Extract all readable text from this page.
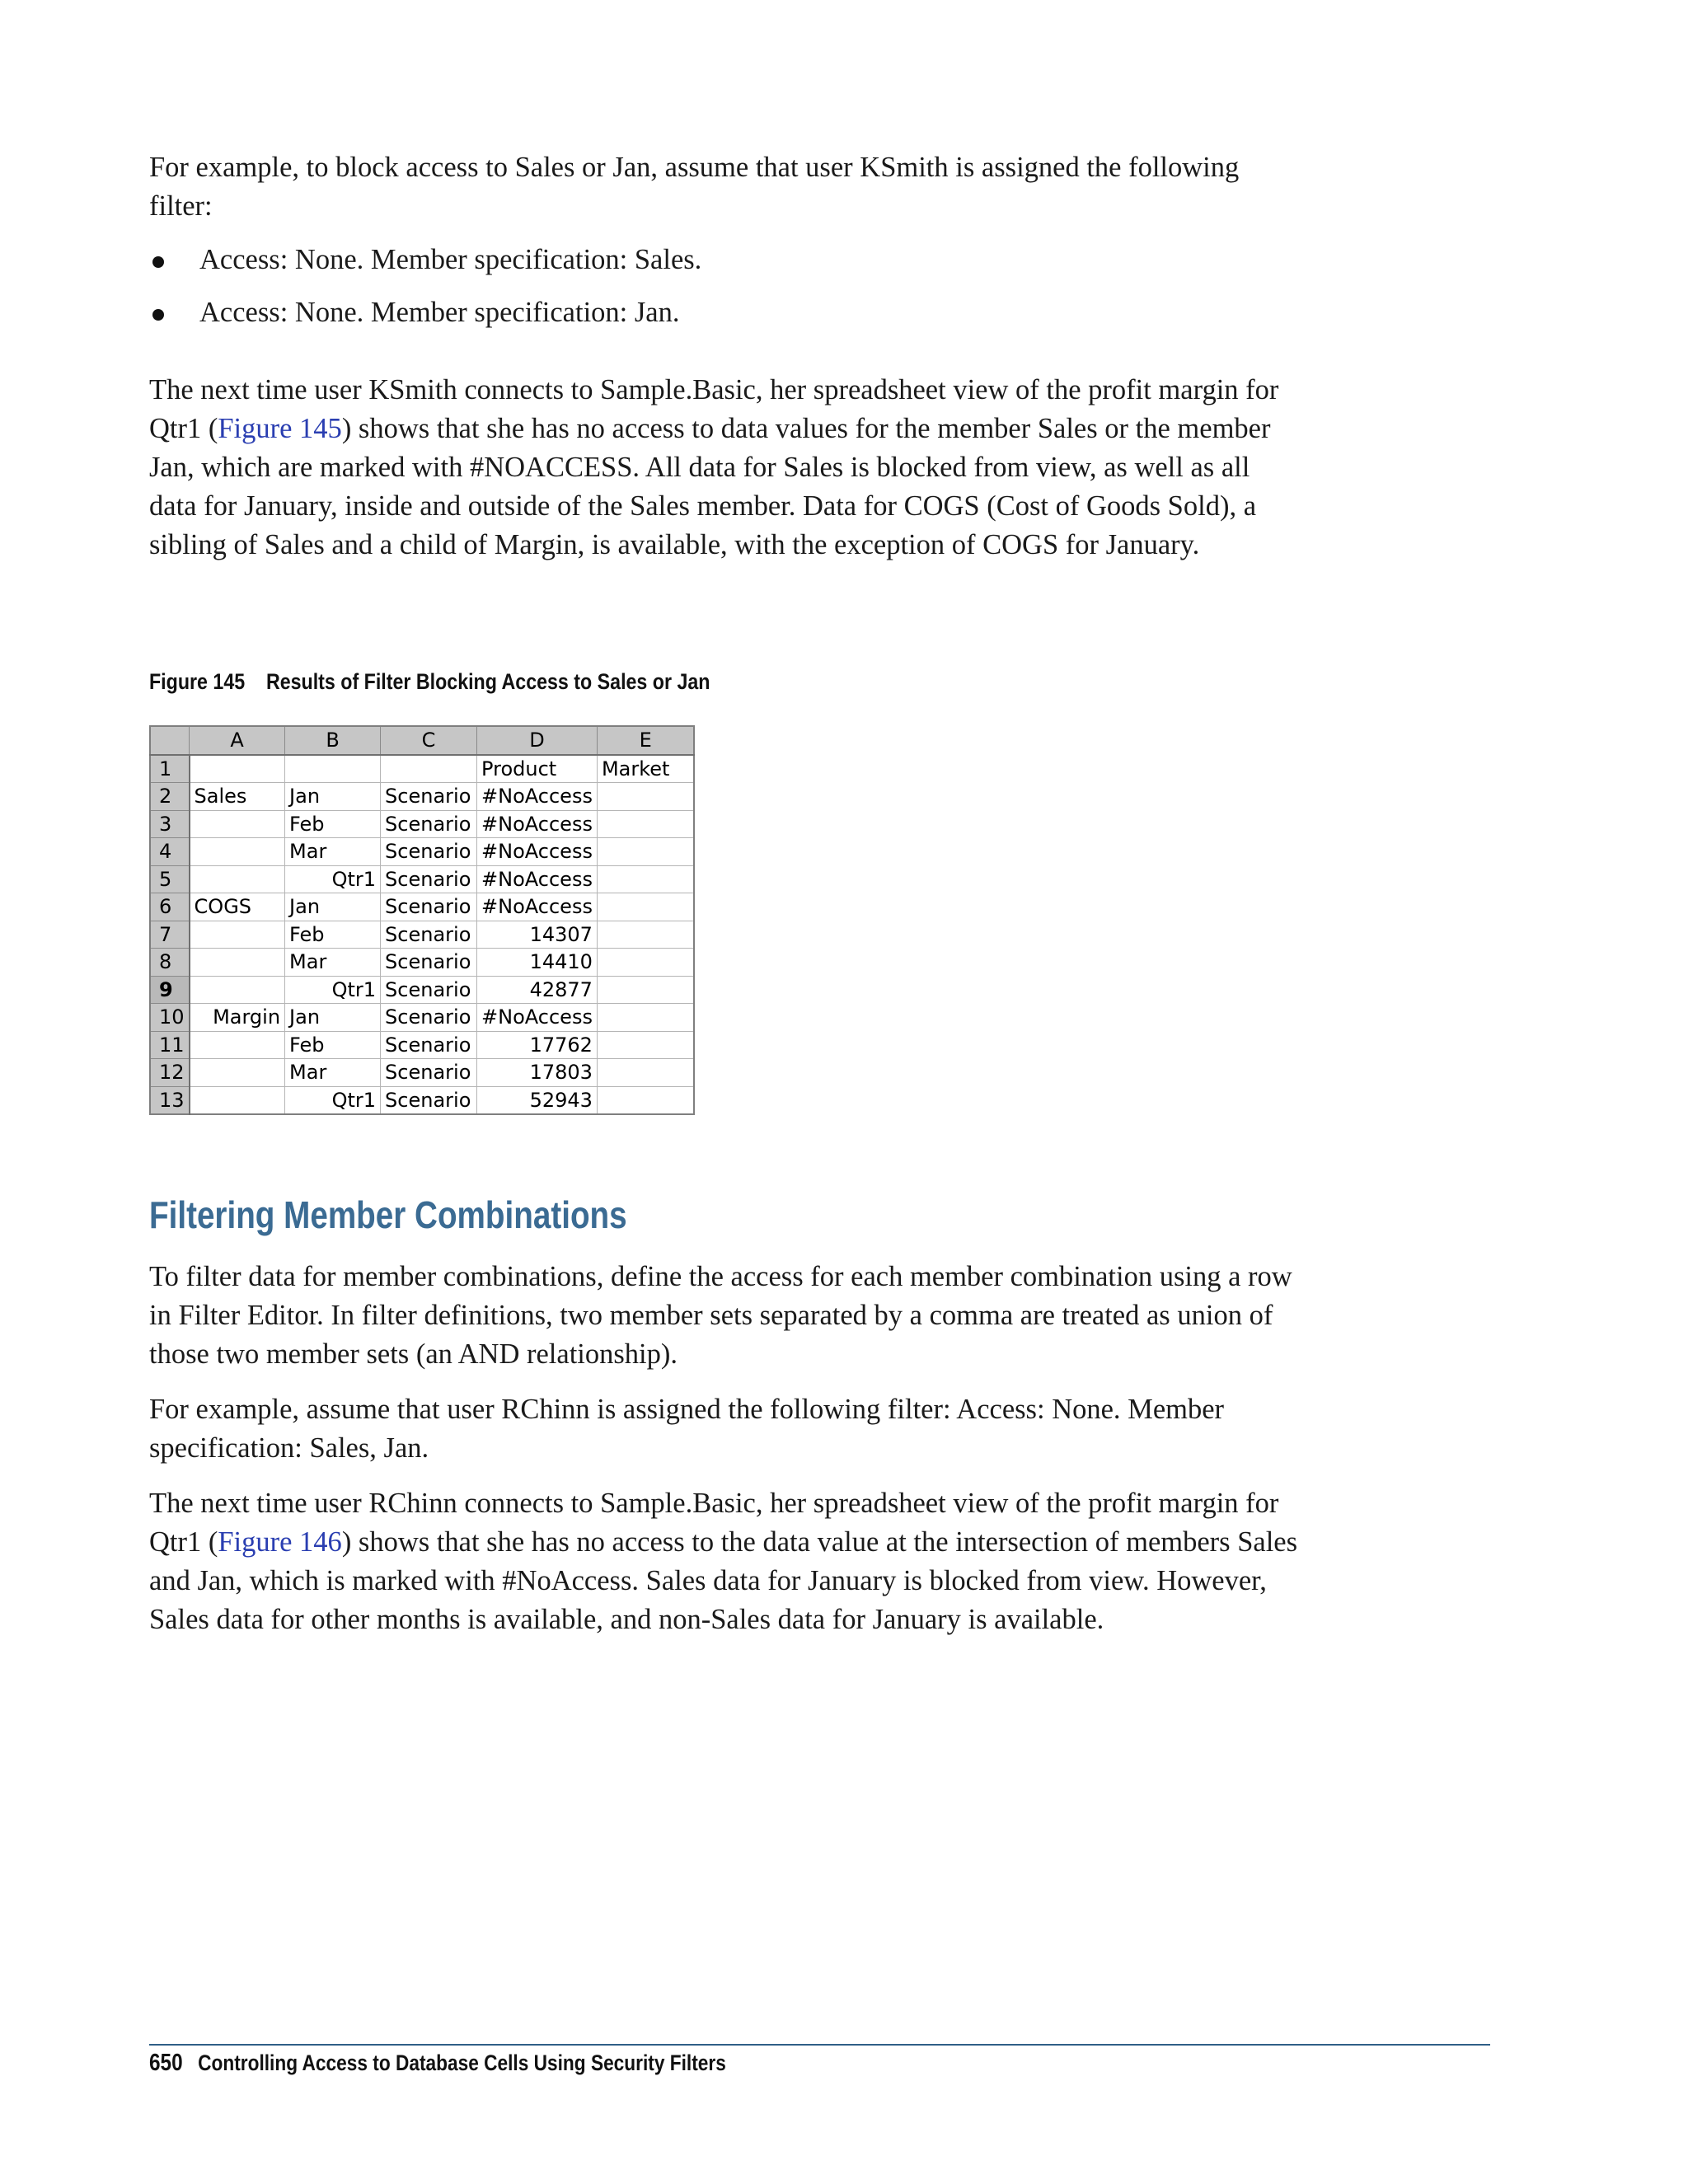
For example, to block access to Sales or Jan, assume that user KSmith is assigned the following filter:

Access: None. Member specification: Sales.
Access: None. Member specification: Jan.

The next time user KSmith connects to Sample.Basic, her spreadsheet view of the profit margin for Qtr1 (Figure 145) shows that she has no access to data values for the member Sales or the member Jan, which are marked with #NOACCESS. All data for Sales is blocked from view, as well as all data for January, inside and outside of the Sales member. Data for COGS (Cost of Goods Sold), a sibling of Sales and a child of Margin, is available, with the exception of COGS for January.

Figure 145 Results of Filter Blocking Access to Sales or Jan
	A	B	C	D	E
1				Product	Market
2	Sales	Jan	Scenario	#NoAccess	
3		Feb	Scenario	#NoAccess	
4		Mar	Scenario	#NoAccess	
5		Qtr1	Scenario	#NoAccess	
6	COGS	Jan	Scenario	#NoAccess	
7		Feb	Scenario	14307	
8		Mar	Scenario	14410	
9		Qtr1	Scenario	42877	
10	Margin	Jan	Scenario	#NoAccess	
11		Feb	Scenario	17762	
12		Mar	Scenario	17803	
13		Qtr1	Scenario	52943	
Filtering Member Combinations

To filter data for member combinations, define the access for each member combination using a row in Filter Editor. In filter definitions, two member sets separated by a comma are treated as union of those two member sets (an AND relationship).

For example, assume that user RChinn is assigned the following filter: Access: None. Member specification: Sales, Jan.

The next time user RChinn connects to Sample.Basic, her spreadsheet view of the profit margin for Qtr1 (Figure 146) shows that she has no access to the data value at the intersection of members Sales and Jan, which is marked with #NoAccess. Sales data for January is blocked from view. However, Sales data for other months is available, and non-Sales data for January is available.

650 Controlling Access to Database Cells Using Security Filters
